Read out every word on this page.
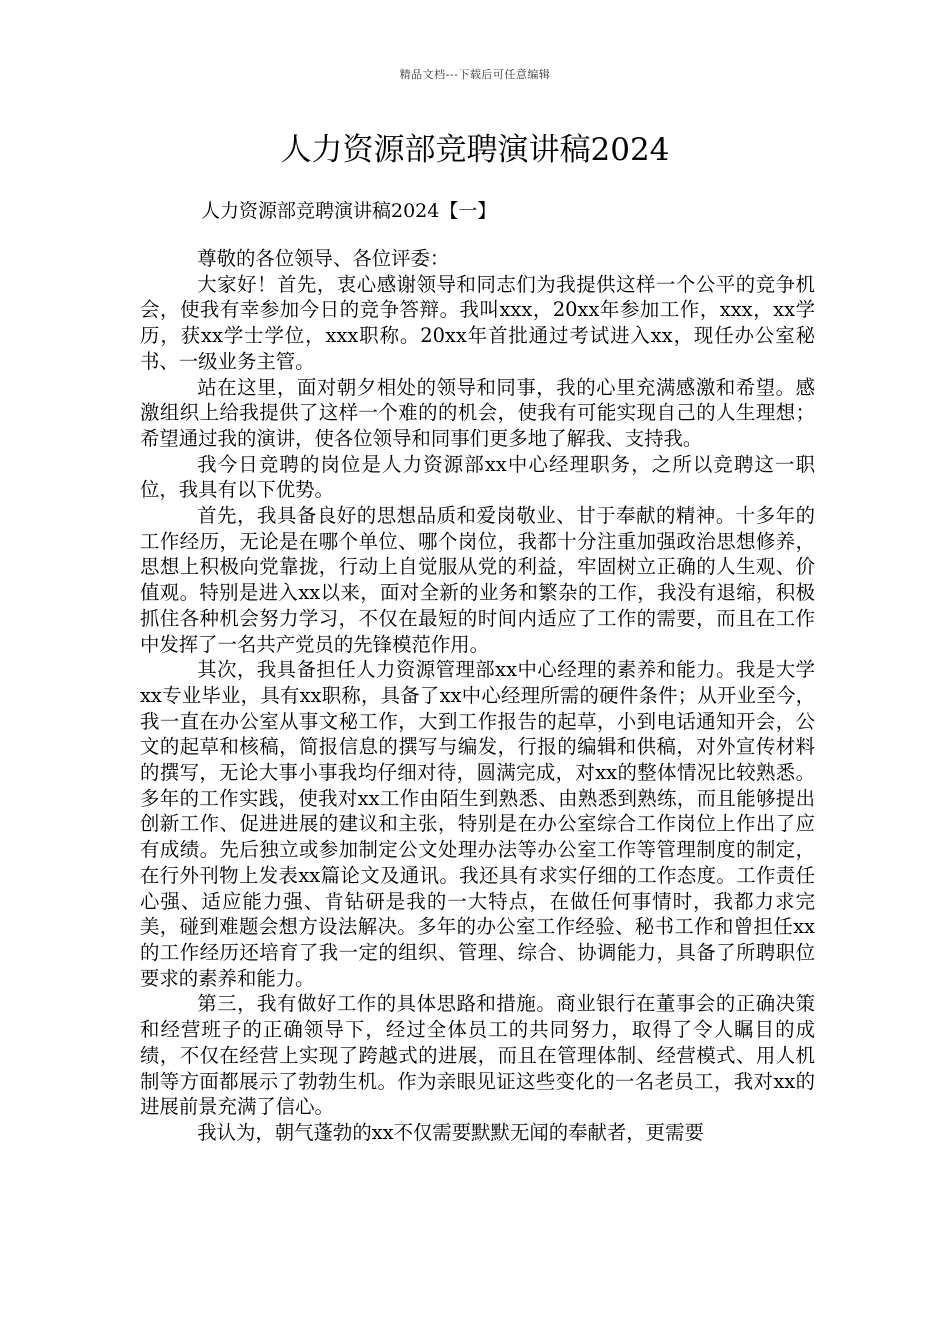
精品文档---下载后可任意编辑
人力资源部竞聘演讲稿2024
人力资源部竞聘演讲稿2024【一】

尊敬的各位领导、各位评委：

大家好！首先，衷心感谢领导和同志们为我提供这样一个公平的竞争机会，使我有幸参加今日的竞争答辩。我叫xxx，20xx年参加工作，xxx，xx学历，获xx学士学位，xxx职称。20xx年首批通过考试进入xx，现任办公室秘书、一级业务主管。

站在这里，面对朝夕相处的领导和同事，我的心里充满感激和希望。感激组织上给我提供了这样一个难的的机会，使我有可能实现自己的人生理想；希望通过我的演讲，使各位领导和同事们更多地了解我、支持我。

我今日竞聘的岗位是人力资源部xx中心经理职务，之所以竞聘这一职位，我具有以下优势。

首先，我具备良好的思想品质和爱岗敬业、甘于奉献的精神。十多年的工作经历，无论是在哪个单位、哪个岗位，我都十分注重加强政治思想修养，思想上积极向党靠拢，行动上自觉服从党的利益，牢固树立正确的人生观、价值观。特别是进入xx以来，面对全新的业务和繁杂的工作，我没有退缩，积极抓住各种机会努力学习，不仅在最短的时间内适应了工作的需要，而且在工作中发挥了一名共产党员的先锋模范作用。

其次，我具备担任人力资源管理部xx中心经理的素养和能力。我是大学xx专业毕业，具有xx职称，具备了xx中心经理所需的硬件条件；从开业至今，我一直在办公室从事文秘工作，大到工作报告的起草，小到电话通知开会，公文的起草和核稿，简报信息的撰写与编发，行报的编辑和供稿，对外宣传材料的撰写，无论大事小事我均仔细对待，圆满完成，对xx的整体情况比较熟悉。多年的工作实践，使我对xx工作由陌生到熟悉、由熟悉到熟练，而且能够提出创新工作、促进进展的建议和主张，特别是在办公室综合工作岗位上作出了应有成绩。先后独立或参加制定公文处理办法等办公室工作等管理制度的制定，在行外刊物上发表xx篇论文及通讯。我还具有求实仔细的工作态度。工作责任心强、适应能力强、肯钻研是我的一大特点，在做任何事情时，我都力求完美，碰到难题会想方设法解决。多年的办公室工作经验、秘书工作和曾担任xx的工作经历还培育了我一定的组织、管理、综合、协调能力，具备了所聘职位要求的素养和能力。

第三，我有做好工作的具体思路和措施。商业银行在董事会的正确决策和经营班子的正确领导下，经过全体员工的共同努力，取得了令人瞩目的成绩，不仅在经营上实现了跨越式的进展，而且在管理体制、经营模式、用人机制等方面都展示了勃勃生机。作为亲眼见证这些变化的一名老员工，我对xx的进展前景充满了信心。

我认为，朝气蓬勃的xx不仅需要默默无闻的奉献者，更需要
